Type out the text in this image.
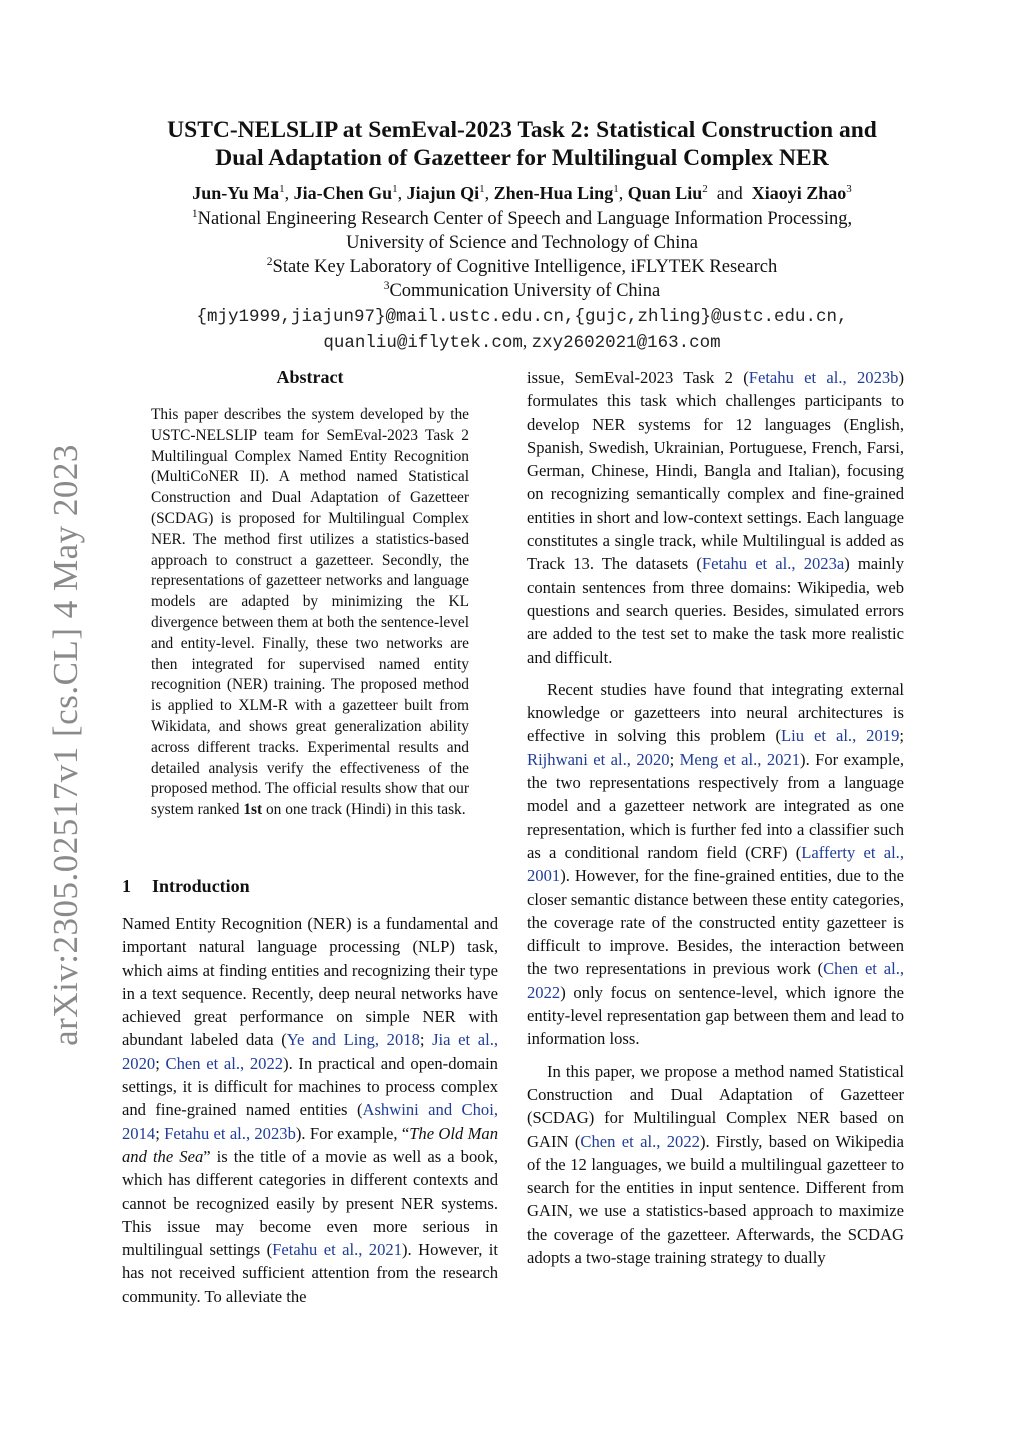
arXiv:2305.02517v1 [cs.CL] 4 May 2023
USTC-NELSLIP at SemEval-2023 Task 2: Statistical Construction and
Dual Adaptation of Gazetteer for Multilingual Complex NER
Jun-Yu Ma$^1$, Jia-Chen Gu$^1$, Jiajun Qi$^1$, Zhen-Hua Ling$^1$, Quan Liu$^2$  and  Xiaoyi Zhao$^3$
$^1$National Engineering Research Center of Speech and Language Information Processing,
University of Science and Technology of China
$^2$State Key Laboratory of Cognitive Intelligence, iFLYTEK Research
$^3$Communication University of China
{mjy1999,jiajun97}@mail.ustc.edu.cn,{gujc,zhling}@ustc.edu.cn,
quanliu@iflytek.com, zxy2602021@163.com
Abstract
This paper describes the system developed by the USTC-NELSLIP team for SemEval-2023 Task 2 Multilingual Complex Named Entity Recognition (MultiCoNER II). A method named Statistical Construction and Dual Adaptation of Gazetteer (SCDAG) is proposed for Multilingual Complex NER. The method first utilizes a statistics-based approach to construct a gazetteer. Secondly, the representations of gazetteer networks and language models are adapted by minimizing the KL divergence between them at both the sentence-level and entity-level. Finally, these two networks are then integrated for supervised named entity recognition (NER) training. The proposed method is applied to XLM-R with a gazetteer built from Wikidata, and shows great generalization ability across different tracks. Experimental results and detailed analysis verify the effectiveness of the proposed method. The official results show that our system ranked 1st on one track (Hindi) in this task.
1 Introduction
Named Entity Recognition (NER) is a fundamental and important natural language processing (NLP) task, which aims at finding entities and recognizing their type in a text sequence. Recently, deep neural networks have achieved great performance on simple NER with abundant labeled data (Ye and Ling, 2018; Jia et al., 2020; Chen et al., 2022). In practical and open-domain settings, it is difficult for machines to process complex and fine-grained named entities (Ashwini and Choi, 2014; Fetahu et al., 2023b). For example, “The Old Man and the Sea” is the title of a movie as well as a book, which has different categories in different contexts and cannot be recognized easily by present NER systems. This issue may become even more serious in multilingual settings (Fetahu et al., 2021). However, it has not received sufficient attention from the research community. To alleviate the

issue, SemEval-2023 Task 2 (Fetahu et al., 2023b) formulates this task which challenges participants to develop NER systems for 12 languages (English, Spanish, Swedish, Ukrainian, Portuguese, French, Farsi, German, Chinese, Hindi, Bangla and Italian), focusing on recognizing semantically complex and fine-grained entities in short and low-context settings. Each language constitutes a single track, while Multilingual is added as Track 13. The datasets (Fetahu et al., 2023a) mainly contain sentences from three domains: Wikipedia, web questions and search queries. Besides, simulated errors are added to the test set to make the task more realistic and difficult.

Recent studies have found that integrating external knowledge or gazetteers into neural architectures is effective in solving this problem (Liu et al., 2019; Rijhwani et al., 2020; Meng et al., 2021). For example, the two representations respectively from a language model and a gazetteer network are integrated as one representation, which is further fed into a classifier such as a conditional random field (CRF) (Lafferty et al., 2001). However, for the fine-grained entities, due to the closer semantic distance between these entity categories, the coverage rate of the constructed entity gazetteer is difficult to improve. Besides, the interaction between the two representations in previous work (Chen et al., 2022) only focus on sentence-level, which ignore the entity-level representation gap between them and lead to information loss.

In this paper, we propose a method named Statistical Construction and Dual Adaptation of Gazetteer (SCDAG) for Multilingual Complex NER based on GAIN (Chen et al., 2022). Firstly, based on Wikipedia of the 12 languages, we build a multilingual gazetteer to search for the entities in input sentence. Different from GAIN, we use a statistics-based approach to maximize the coverage of the gazetteer. Afterwards, the SCDAG adopts a two-stage training strategy to dually
